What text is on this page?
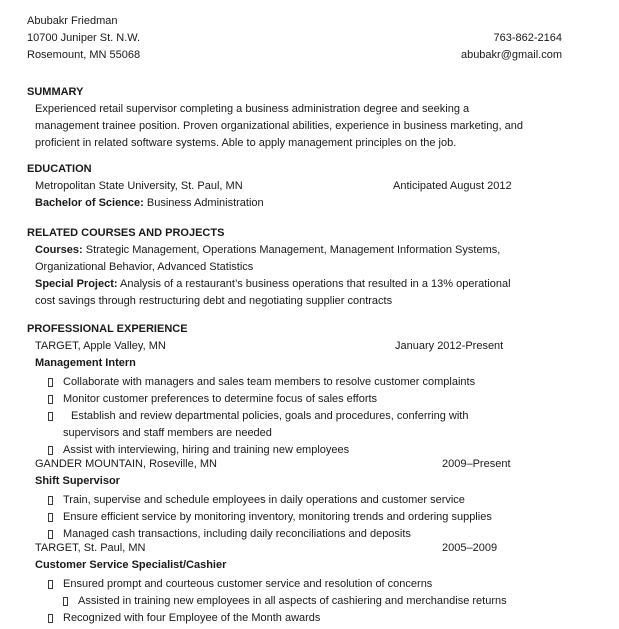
Abubakr Friedman
10700 Juniper St. N.W.	763-862-2164
Rosemount, MN 55068	abubakr@gmail.com
SUMMARY
Experienced retail supervisor completing a business administration degree and seeking a
management trainee position. Proven organizational abilities, experience in business marketing, and
proficient in related software systems. Able to apply management principles on the job.
EDUCATION
Metropolitan State University, St. Paul, MN	Anticipated August 2012
Bachelor of Science: Business Administration
RELATED COURSES AND PROJECTS
Courses: Strategic Management, Operations Management, Management Information Systems,
Organizational Behavior, Advanced Statistics
Special Project: Analysis of a restaurant’s business operations that resulted in a 13% operational
cost savings through restructuring debt and negotiating supplier contracts
PROFESSIONAL EXPERIENCE
TARGET, Apple Valley, MN	January 2012-Present
Management Intern
Collaborate with managers and sales team members to resolve customer complaints
Monitor customer preferences to determine focus of sales efforts
Establish and review departmental policies, goals and procedures, conferring with
supervisors and staff members are needed
Assist with interviewing, hiring and training new employees
GANDER MOUNTAIN, Roseville, MN	2009–Present
Shift Supervisor
Train, supervise and schedule employees in daily operations and customer service
Ensure efficient service by monitoring inventory, monitoring trends and ordering supplies
Managed cash transactions, including daily reconciliations and deposits
TARGET, St. Paul, MN	2005–2009
Customer Service Specialist/Cashier
Ensured prompt and courteous customer service and resolution of concerns
Assisted in training new employees in all aspects of cashiering and merchandise returns
Recognized with four Employee of the Month awards
